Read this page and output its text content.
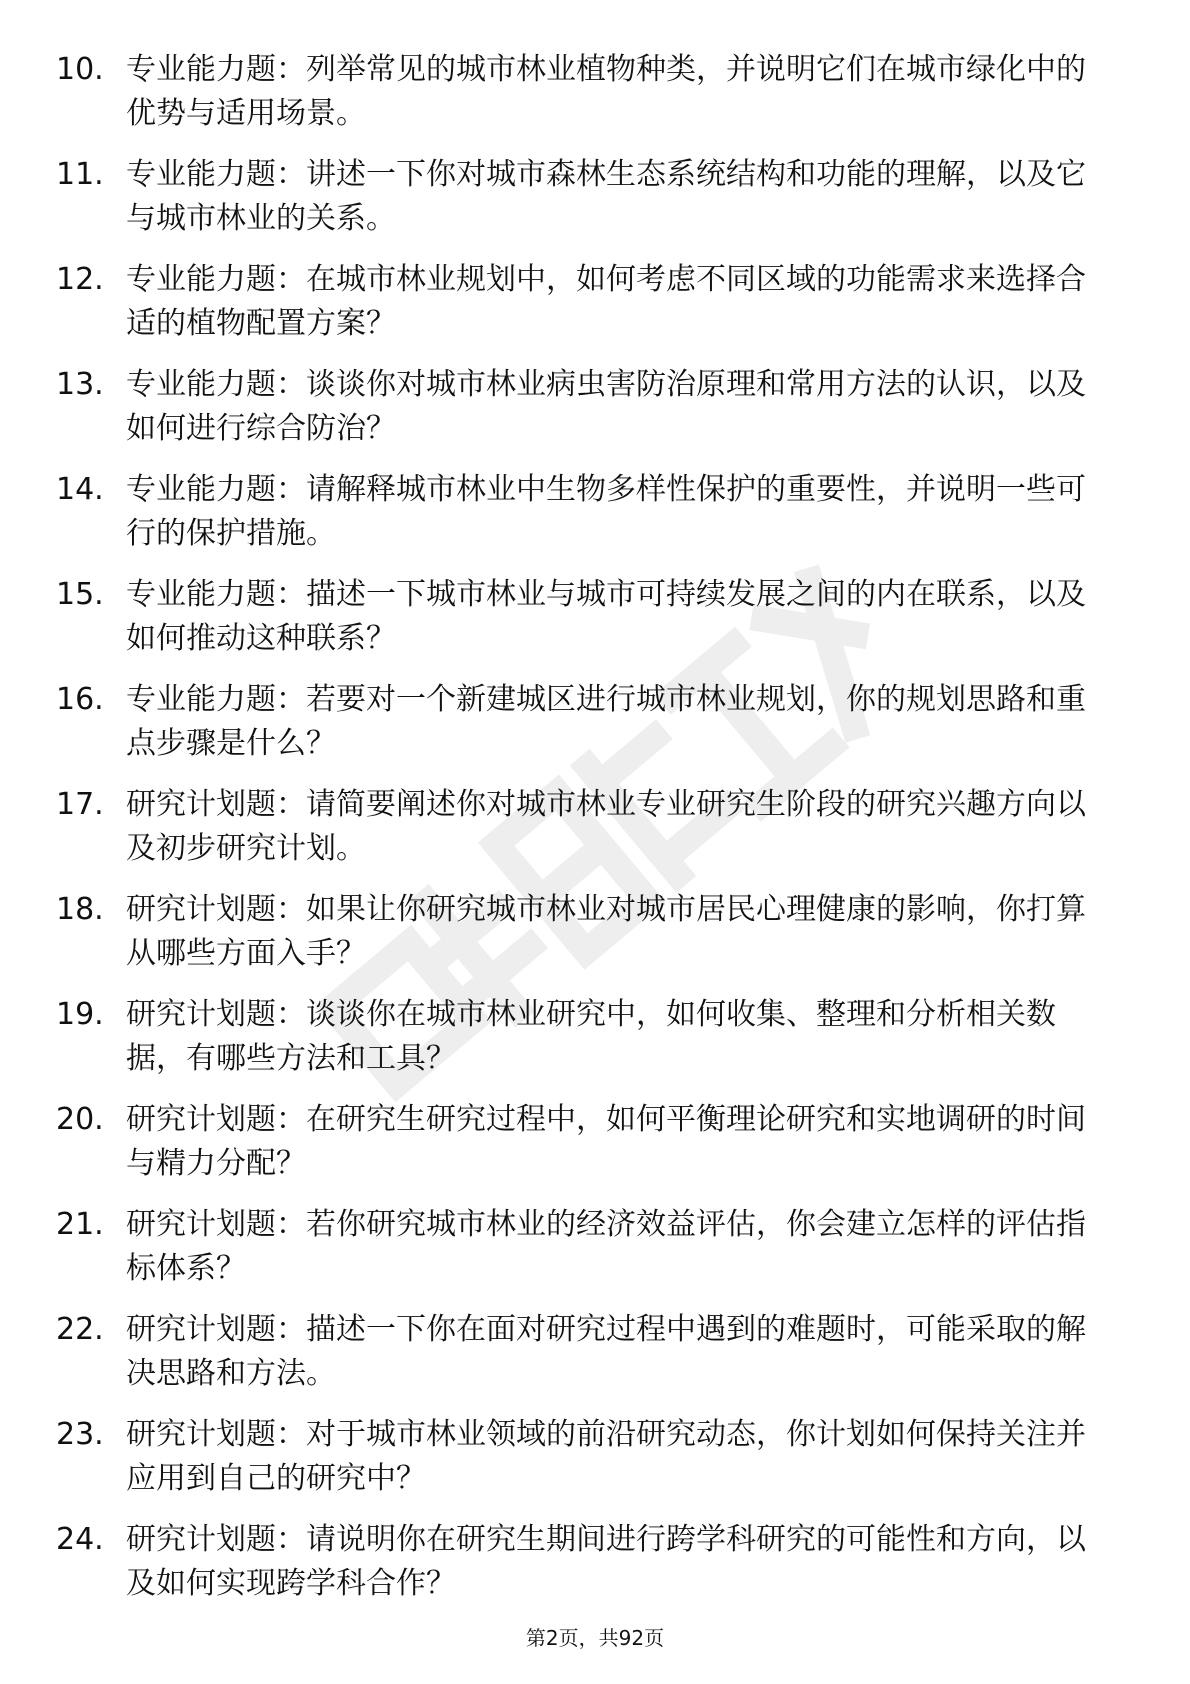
10. 专业能力题：列举常见的城市林业植物种类，并说明它们在城市绿化中的优势与适用场景。
11. 专业能力题：讲述一下你对城市森林生态系统结构和功能的理解，以及它与城市林业的关系。
12. 专业能力题：在城市林业规划中，如何考虑不同区域的功能需求来选择合适的植物配置方案？
13. 专业能力题：谈谈你对城市林业病虫害防治原理和常用方法的认识，以及如何进行综合防治？
14. 专业能力题：请解释城市林业中生物多样性保护的重要性，并说明一些可行的保护措施。
15. 专业能力题：描述一下城市林业与城市可持续发展之间的内在联系，以及如何推动这种联系？
16. 专业能力题：若要对一个新建城区进行城市林业规划，你的规划思路和重点步骤是什么？
17. 研究计划题：请简要阐述你对城市林业专业研究生阶段的研究兴趣方向以及初步研究计划。
18. 研究计划题：如果让你研究城市林业对城市居民心理健康的影响，你打算从哪些方面入手？
19. 研究计划题：谈谈你在城市林业研究中，如何收集、整理和分析相关数据，有哪些方法和工具？
20. 研究计划题：在研究生研究过程中，如何平衡理论研究和实地调研的时间与精力分配？
21. 研究计划题：若你研究城市林业的经济效益评估，你会建立怎样的评估指标体系？
22. 研究计划题：描述一下你在面对研究过程中遇到的难题时，可能采取的解决思路和方法。
23. 研究计划题：对于城市林业领域的前沿研究动态，你计划如何保持关注并应用到自己的研究中？
24. 研究计划题：请说明你在研究生期间进行跨学科研究的可能性和方向，以及如何实现跨学科合作？
第2页，共92页
